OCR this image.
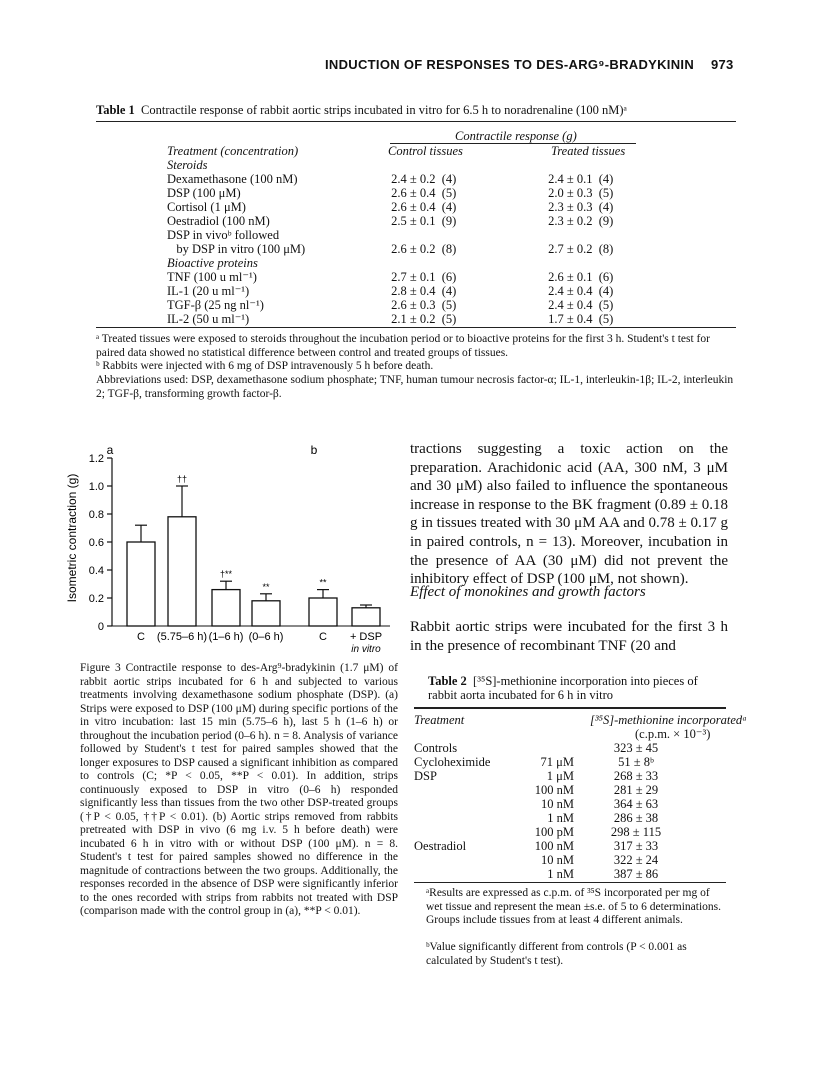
INDUCTION OF RESPONSES TO DES-ARG⁹-BRADYKININ 973
Table 1 Contractile response of rabbit aortic strips incubated in vitro for 6.5 h to noradrenaline (100 nM)ᵃ
Contractile response (g)
Treatment (concentration)	Control tissues	Treated tissues
Steroids		
Dexamethasone (100 nM)	2.4 ± 0.2  (4)	2.4 ± 0.1  (4)
DSP (100 μM)	2.6 ± 0.4  (5)	2.0 ± 0.3  (5)
Cortisol (1 μM)	2.6 ± 0.4  (4)	2.3 ± 0.3  (4)
Oestradiol (100 nM)	2.5 ± 0.1  (9)	2.3 ± 0.2  (9)
DSP in vivoᵇ followed		
by DSP in vitro (100 μM)	2.6 ± 0.2  (8)	2.7 ± 0.2  (8)
Bioactive proteins		
TNF (100 u ml⁻¹)	2.7 ± 0.1  (6)	2.6 ± 0.1  (6)
IL-1 (20 u ml⁻¹)	2.8 ± 0.4  (4)	2.4 ± 0.4  (4)
TGF-β (25 ng nl⁻¹)	2.6 ± 0.3  (5)	2.4 ± 0.4  (5)
IL-2 (50 u ml⁻¹)	2.1 ± 0.2  (5)	1.7 ± 0.4  (5)
ᵃ Treated tissues were exposed to steroids throughout the incubation period or to bioactive proteins for the first 3 h. Student's t test for paired data showed no statistical difference between control and treated groups of tissues.
ᵇ Rabbits were injected with 6 mg of DSP intravenously 5 h before death.
Abbreviations used: DSP, dexamethasone sodium phosphate; TNF, human tumour necrosis factor-α; IL-1, interleukin-1β; IL-2, interleukin 2; TGF-β, transforming growth factor-β.
Isometric contraction (g)
0
0.2
0.4
0.6
0.8
1.0
1.2
C
††
(5.75–6 h)
†**
(1–6 h)
**
(0–6 h)
**
C + DSP
in vitro
a	b
Figure 3 Contractile response to des-Arg⁹-bradykinin (1.7 μM) of rabbit aortic strips incubated for 6 h and subjected to various treatments involving dexamethasone sodium phosphate (DSP). (a) Strips were exposed to DSP (100 μM) during specific portions of the in vitro incubation: last 15 min (5.75–6 h), last 5 h (1–6 h) or throughout the incubation period (0–6 h). n = 8. Analysis of variance followed by Student's t test for paired samples showed that the longer exposures to DSP caused a significant inhibition as compared to controls (C; *P < 0.05, **P < 0.01). In addition, strips continuously exposed to DSP in vitro (0–6 h) responded significantly less than tissues from the two other DSP-treated groups (†P < 0.05, ††P < 0.01). (b) Aortic strips removed from rabbits pretreated with DSP in vivo (6 mg i.v. 5 h before death) were incubated 6 h in vitro with or without DSP (100 μM). n = 8. Student's t test for paired samples showed no difference in the magnitude of contractions between the two groups. Additionally, the responses recorded in the absence of DSP were significantly inferior to the ones recorded with strips from rabbits not treated with DSP (comparison made with the control group in (a), **P < 0.01).
tractions suggesting a toxic action on the preparation. Arachidonic acid (AA, 300 nM, 3 μM and 30 μM) also failed to influence the spontaneous increase in response to the BK fragment (0.89 ± 0.18 g in tissues treated with 30 μM AA and 0.78 ± 0.17 g in paired controls, n = 13). Moreover, incubation in the presence of AA (30 μM) did not prevent the inhibitory effect of DSP (100 μM, not shown).
Effect of monokines and growth factors
Rabbit aortic strips were incubated for the first 3 h in the presence of recombinant TNF (20 and
Table 2 [³⁵S]-methionine incorporation into pieces of rabbit aorta incubated for 6 h in vitro
Treatment	[³⁵S]-methionine incorporatedᵃ
(c.p.m. × 10⁻³)
Controls		323 ± 45
Cycloheximide	71 μM	51 ± 8ᵇ
DSP	1 μM	268 ± 33
	100 nM	281 ± 29
	10 nM	364 ± 63
	1 nM	286 ± 38
	100 pM	298 ± 115
Oestradiol	100 nM	317 ± 33
	10 nM	322 ± 24
	1 nM	387 ± 86
ᵃResults are expressed as c.p.m. of ³⁵S incorporated per mg of wet tissue and represent the mean ±s.e. of 5 to 6 determinations. Groups include tissues from at least 4 different animals.
ᵇValue significantly different from controls (P < 0.001 as calculated by Student's t test).
